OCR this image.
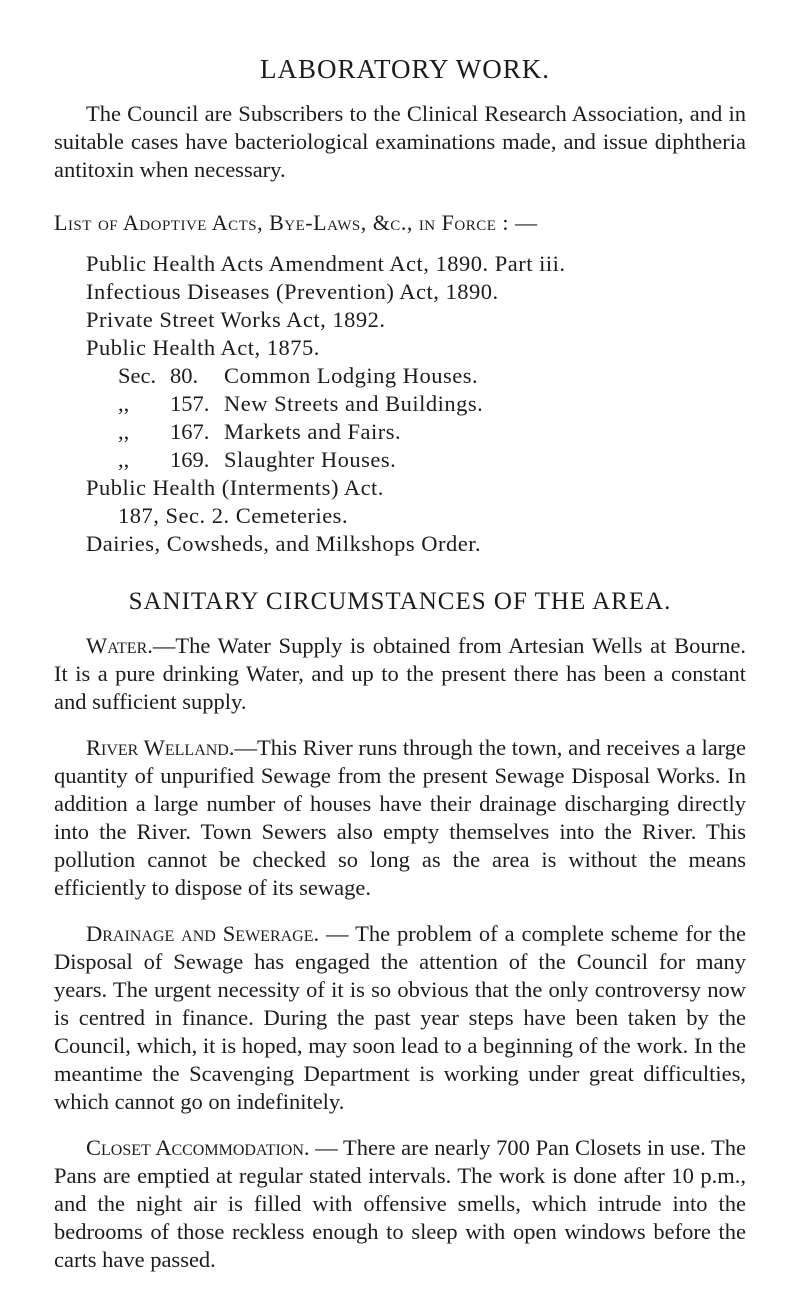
LABORATORY WORK.

The Council are Subscribers to the Clinical Research Association, and in suitable cases have bacteriological examinations made, and issue diphtheria antitoxin when necessary.

List of Adoptive Acts, Bye-Laws, &c., in Force : —
Public Health Acts Amendment Act, 1890. Part iii.
Infectious Diseases (Prevention) Act, 1890.
Private Street Works Act, 1892.
Public Health Act, 1875.
Sec. 80. Common Lodging Houses.
,, 157. New Streets and Buildings.
,, 167. Markets and Fairs.
,, 169. Slaughter Houses.
Public Health (Interments) Act.
187, Sec. 2. Cemeteries.
Dairies, Cowsheds, and Milkshops Order.
SANITARY CIRCUMSTANCES OF THE AREA.

Water.—The Water Supply is obtained from Artesian Wells at Bourne. It is a pure drinking Water, and up to the present there has been a constant and sufficient supply.

River Welland.—This River runs through the town, and receives a large quantity of unpurified Sewage from the present Sewage Disposal Works. In addition a large number of houses have their drainage discharging directly into the River. Town Sewers also empty themselves into the River. This pollution cannot be checked so long as the area is without the means efficiently to dispose of its sewage.

Drainage and Sewerage. — The problem of a complete scheme for the Disposal of Sewage has engaged the attention of the Council for many years. The urgent necessity of it is so obvious that the only controversy now is centred in finance. During the past year steps have been taken by the Council, which, it is hoped, may soon lead to a beginning of the work. In the meantime the Scavenging Department is working under great difficulties, which cannot go on indefinitely.

Closet Accommodation. — There are nearly 700 Pan Closets in use. The Pans are emptied at regular stated intervals. The work is done after 10 p.m., and the night air is filled with offensive smells, which intrude into the bedrooms of those reckless enough to sleep with open windows before the carts have passed.
